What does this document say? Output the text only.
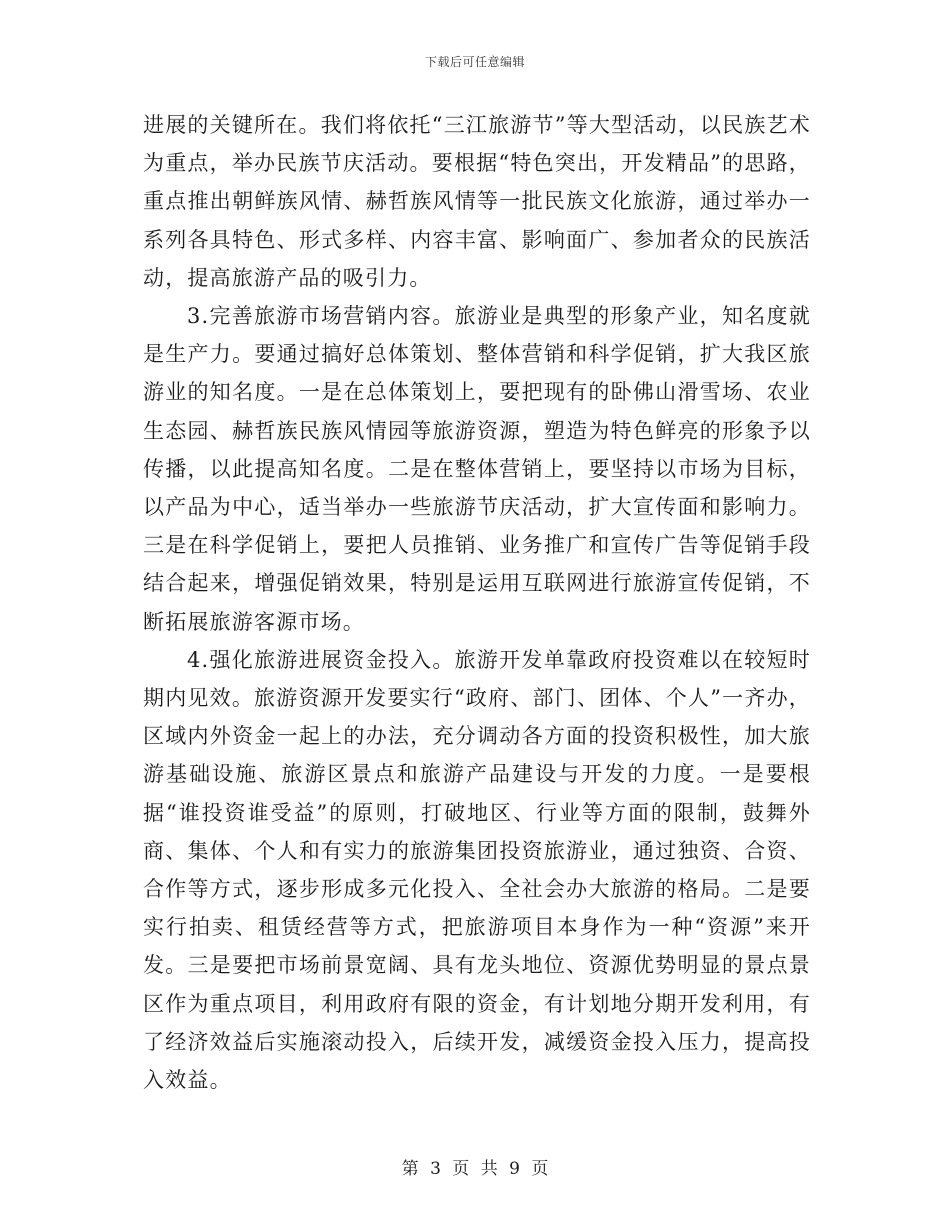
下载后可任意编辑

进展的关键所在。我们将依托“三江旅游节”等大型活动，以民族艺术为重点，举办民族节庆活动。要根据“特色突出，开发精品”的思路，重点推出朝鲜族风情、赫哲族风情等一批民族文化旅游，通过举办一系列各具特色、形式多样、内容丰富、影响面广、参加者众的民族活动，提高旅游产品的吸引力。

3.完善旅游市场营销内容。旅游业是典型的形象产业，知名度就是生产力。要通过搞好总体策划、整体营销和科学促销，扩大我区旅游业的知名度。一是在总体策划上，要把现有的卧佛山滑雪场、农业生态园、赫哲族民族风情园等旅游资源，塑造为特色鲜亮的形象予以传播，以此提高知名度。二是在整体营销上，要坚持以市场为目标，以产品为中心，适当举办一些旅游节庆活动，扩大宣传面和影响力。三是在科学促销上，要把人员推销、业务推广和宣传广告等促销手段结合起来，增强促销效果，特别是运用互联网进行旅游宣传促销，不断拓展旅游客源市场。

4.强化旅游进展资金投入。旅游开发单靠政府投资难以在较短时期内见效。旅游资源开发要实行“政府、部门、团体、个人”一齐办，区域内外资金一起上的办法，充分调动各方面的投资积极性，加大旅游基础设施、旅游区景点和旅游产品建设与开发的力度。一是要根据“谁投资谁受益”的原则，打破地区、行业等方面的限制，鼓舞外商、集体、个人和有实力的旅游集团投资旅游业，通过独资、合资、合作等方式，逐步形成多元化投入、全社会办大旅游的格局。二是要实行拍卖、租赁经营等方式，把旅游项目本身作为一种“资源”来开发。三是要把市场前景宽阔、具有龙头地位、资源优势明显的景点景区作为重点项目，利用政府有限的资金，有计划地分期开发利用，有了经济效益后实施滚动投入，后续开发，减缓资金投入压力，提高投入效益。

第 3 页 共 9 页
